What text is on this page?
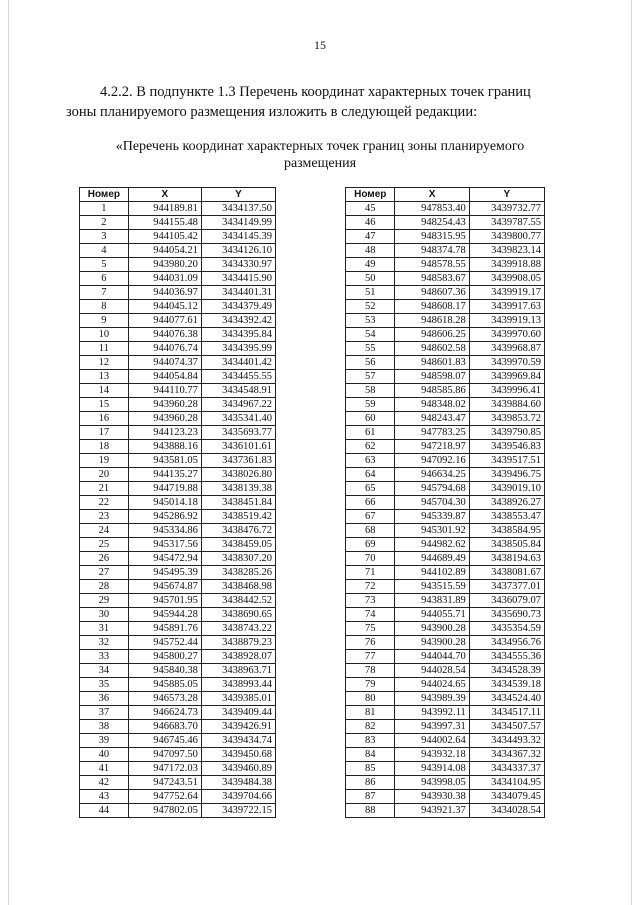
15
4.2.2. В подпункте 1.3 Перечень координат характерных точек границ
зоны планируемого размещения изложить в следующей редакции:
«Перечень координат характерных точек границ зоны планируемого
размещения
Номер	X	Y
1	944189.81	3434137.50
2	944155.48	3434149.99
3	944105.42	3434145.39
4	944054.21	3434126.10
5	943980.20	3434330.97
6	944031.09	3434415.90
7	944036.97	3434401.31
8	944045.12	3434379.49
9	944077.61	3434392.42
10	944076.38	3434395.84
11	944076.74	3434395.99
12	944074.37	3434401.42
13	944054.84	3434455.55
14	944110.77	3434548.91
15	943960.28	3434967.22
16	943960.28	3435341.40
17	944123.23	3435693.77
18	943888.16	3436101.61
19	943581.05	3437361.83
20	944135.27	3438026.80
21	944719.88	3438139.38
22	945014.18	3438451.84
23	945286.92	3438519.42
24	945334.86	3438476.72
25	945317.56	3438459.05
26	945472.94	3438307.20
27	945495.39	3438285.26
28	945674.87	3438468.98
29	945701.95	3438442.52
30	945944.28	3438690.65
31	945891.76	3438743.22
32	945752.44	3438879.23
33	945800.27	3438928.07
34	945840.38	3438963.71
35	945885.05	3438993.44
36	946573.28	3439385.01
37	946624.73	3439409.44
38	946683.70	3439426.91
39	946745.46	3439434.74
40	947097.50	3439450.68
41	947172.03	3439460.89
42	947243.51	3439484.38
43	947752.64	3439704.66
44	947802.05	3439722.15
Номер	X	Y
45	947853.40	3439732.77
46	948254.43	3439787.55
47	948315.95	3439800.77
48	948374.78	3439823.14
49	948578.55	3439918.88
50	948583.67	3439908.05
51	948607.36	3439919.17
52	948608.17	3439917.63
53	948618.28	3439919.13
54	948606.25	3439970.60
55	948602.58	3439968.87
56	948601.83	3439970.59
57	948598.07	3439969.84
58	948585.86	3439996.41
59	948348.02	3439884.60
60	948243.47	3439853.72
61	947783.25	3439790.85
62	947218.97	3439546.83
63	947092.16	3439517.51
64	946634.25	3439496.75
65	945794.68	3439019.10
66	945704.30	3438926.27
67	945339.87	3438553.47
68	945301.92	3438584.95
69	944982.62	3438505.84
70	944689.49	3438194.63
71	944102.89	3438081.67
72	943515.59	3437377.01
73	943831.89	3436079.07
74	944055.71	3435690.73
75	943900.28	3435354.59
76	943900.28	3434956.76
77	944044.70	3434555.36
78	944028.54	3434528.39
79	944024.65	3434539.18
80	943989.39	3434524.40
81	943992.11	3434517.11
82	943997.31	3434507.57
83	944002.64	3434493.32
84	943932.18	3434367.32
85	943914.08	3434337.37
86	943998.05	3434104.95
87	943930.38	3434079.45
88	943921.37	3434028.54
